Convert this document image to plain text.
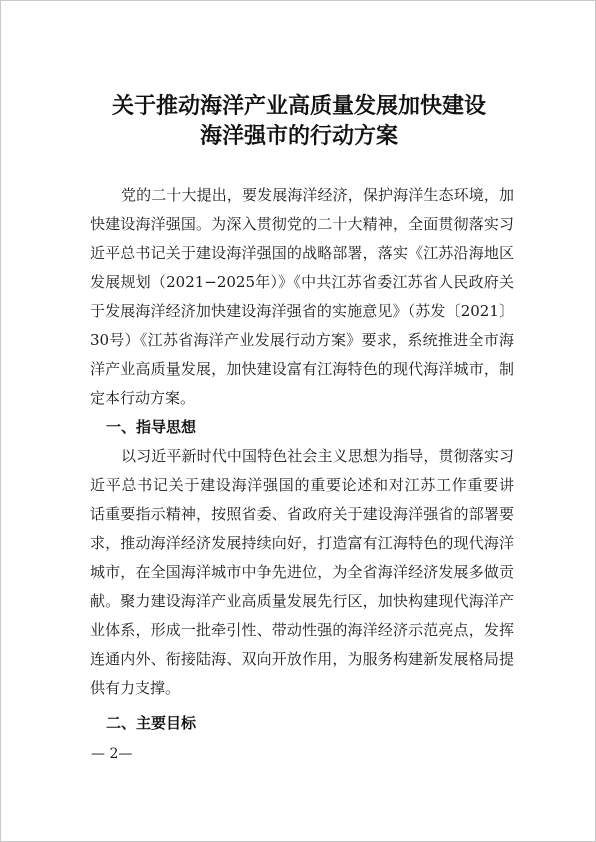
关于推动海洋产业高质量发展加快建设
海洋强市的行动方案
党的二十大提出，要发展海洋经济，保护海洋生态环境，加
快建设海洋强国。为深入贯彻党的二十大精神，全面贯彻落实习
近平总书记关于建设海洋强国的战略部署，落实《江苏沿海地区
发展规划（2021−2025年）》《中共江苏省委江苏省人民政府关
于发展海洋经济加快建设海洋强省的实施意见》（苏发〔2021〕
30号）《江苏省海洋产业发展行动方案》要求，系统推进全市海
洋产业高质量发展，加快建设富有江海特色的现代海洋城市，制
定本行动方案。
一、指导思想
以习近平新时代中国特色社会主义思想为指导，贯彻落实习
近平总书记关于建设海洋强国的重要论述和对江苏工作重要讲
话重要指示精神，按照省委、省政府关于建设海洋强省的部署要
求，推动海洋经济发展持续向好，打造富有江海特色的现代海洋
城市，在全国海洋城市中争先进位，为全省海洋经济发展多做贡
献。聚力建设海洋产业高质量发展先行区，加快构建现代海洋产
业体系，形成一批牵引性、带动性强的海洋经济示范亮点，发挥
连通内外、衔接陆海、双向开放作用，为服务构建新发展格局提
供有力支撑。
二、主要目标
— 2—
